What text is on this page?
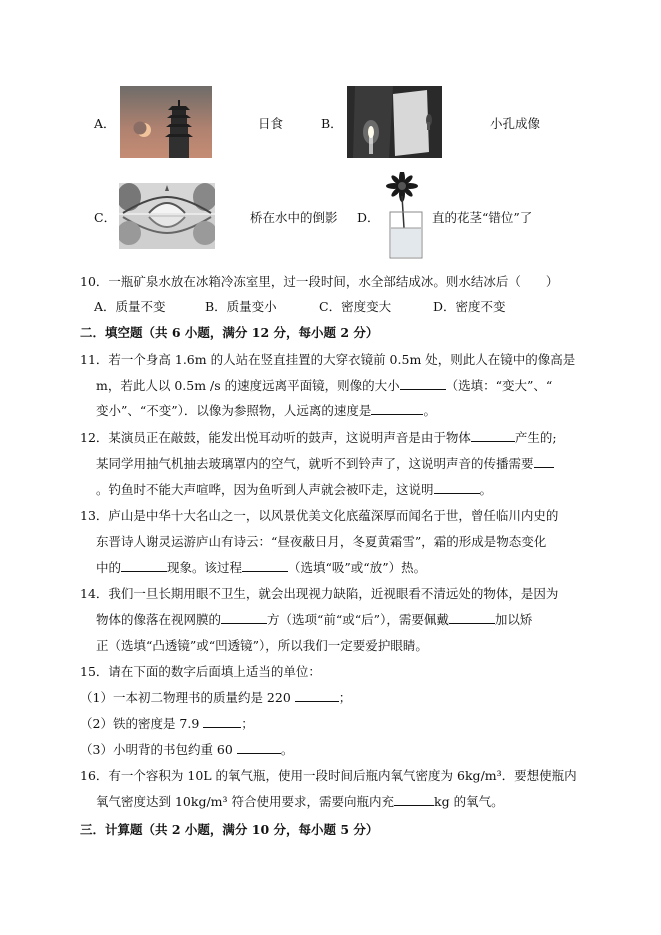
A．	日食	B．	小孔成像
C．	桥在水中的倒影 D．	直的花茎“错位”了
10．一瓶矿泉水放在冰箱冷冻室里，过一段时间，水全部结成冰。则水结冰后（　　）
A．质量不变	B．质量变小	C．密度变大	D．密度不变
二．填空题（共 6 小题，满分 12 分，每小题 2 分）
11．若一个身高 1.6m 的人站在竖直挂置的大穿衣镜前 0.5m 处，则此人在镜中的像高是
m，若此人以 0.5m /s 的速度远离平面镜，则像的大小	（选填：“变大”、“
变小”、“不变”）．以像为参照物，人远离的速度是	。
12．某演员正在敲鼓，能发出悦耳动听的鼓声，这说明声音是由于物体	产生的;
某同学用抽气机抽去玻璃罩内的空气，就听不到铃声了，这说明声音的传播需要
。钓鱼时不能大声喧哗，因为鱼听到人声就会被吓走，这说明	。
13．庐山是中华十大名山之一，以风景优美文化底蕴深厚而闻名于世，曾任临川内史的
东晋诗人谢灵运游庐山有诗云：“昼夜蔽日月，冬夏黄霜雪”，霜的形成是物态变化
中的	现象。该过程	（选填“吸”或“放”）热。
14．我们一旦长期用眼不卫生，就会出现视力缺陷，近视眼看不清远处的物体，是因为
物体的像落在视网膜的	方（选项“前“或“后”），需要佩戴	加以矫
正（选填“凸透镜”或“凹透镜”），所以我们一定要爱护眼睛。
15．请在下面的数字后面填上适当的单位：
（1）一本初二物理书的质量约是 220	；
（2）铁的密度是 7.9	；
（3）小明背的书包约重 60	。
16．有一个容积为 10L 的氧气瓶，使用一段时间后瓶内氧气密度为 6kg/m³．要想使瓶内
氧气密度达到 10kg/m³ 符合使用要求，需要向瓶内充	kg 的氧气。
三．计算题（共 2 小题，满分 10 分，每小题 5 分）
